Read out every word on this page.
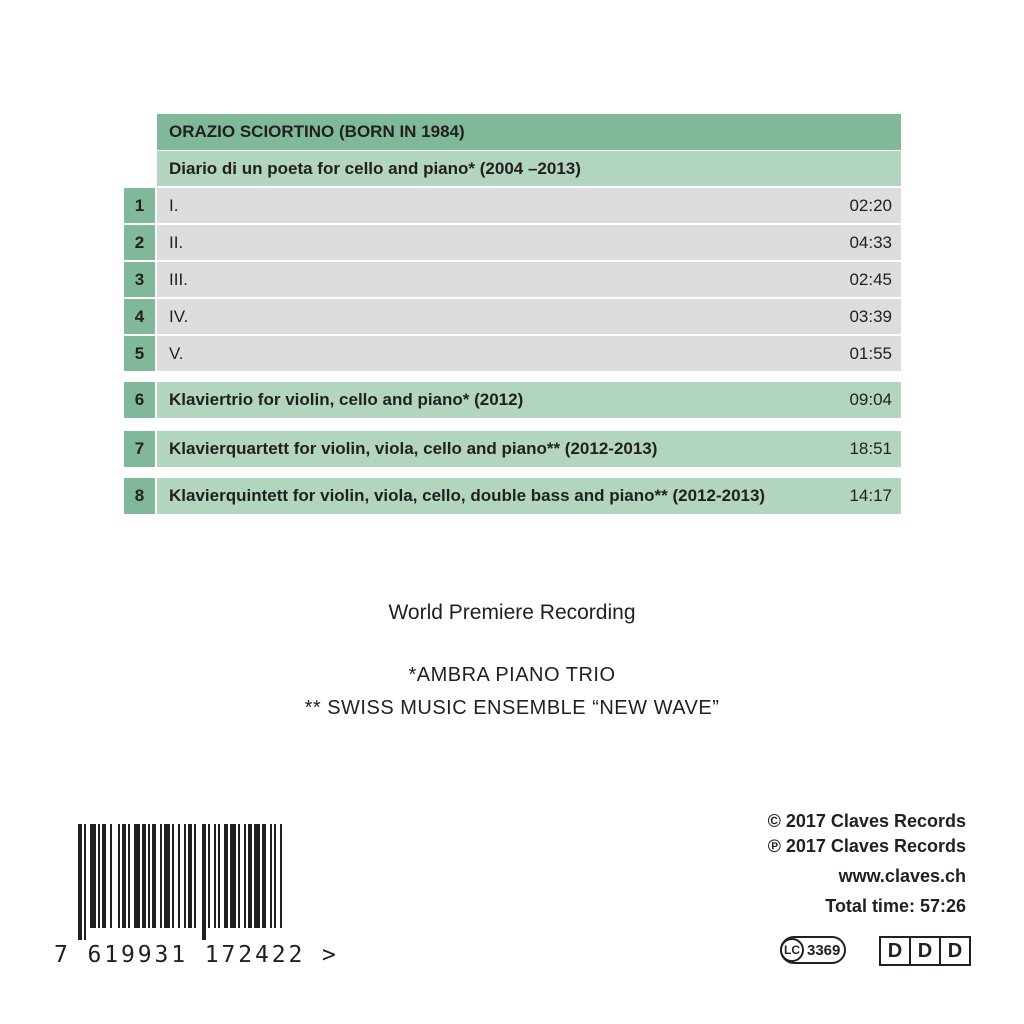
ORAZIO SCIORTINO (BORN IN 1984)
Diario di un poeta for cello and piano* (2004 –2013)
1	I.	02:20
2	II.	04:33
3	III.	02:45
4	IV.	03:39
5	V.	01:55
6	Klaviertrio for violin, cello and piano* (2012)	09:04
7	Klavierquartett for violin, viola, cello and piano** (2012-2013)	18:51
8	Klavierquintett for violin, viola, cello, double bass and piano** (2012-2013)	14:17
World Premiere Recording
*AMBRA PIANO TRIO
** SWISS MUSIC ENSEMBLE “NEW WAVE”
© 2017 Claves Records
℗ 2017 Claves Records
www.claves.ch
Total time: 57:26
7 619931 172422 >	LC 3369	D D D
